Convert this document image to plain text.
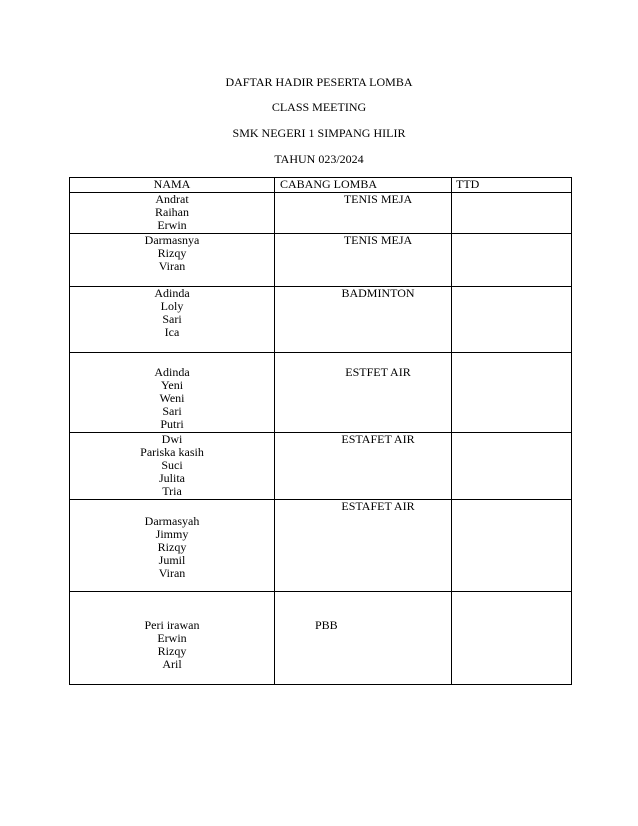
DAFTAR HADIR PESERTA LOMBA
CLASS MEETING
SMK NEGERI 1 SIMPANG HILIR
TAHUN 023/2024
NAMA	CABANG LOMBA	TTD

Andrat
Raihan
Erwin	TENIS MEJA	

Darmasnya
Rizqy
Viran	TENIS MEJA	

Adinda
Loly
Sari
Ica	BADMINTON	

Adinda
Yeni
Weni
Sari
Putri	ESTFET AIR	

Dwi
Pariska kasih
Suci
Julita
Tria	ESTAFET AIR	

Darmasyah
Jimmy
Rizqy
Jumil
Viran	ESTAFET AIR	

Peri irawan
Erwin
Rizqy
Aril	PBB	
